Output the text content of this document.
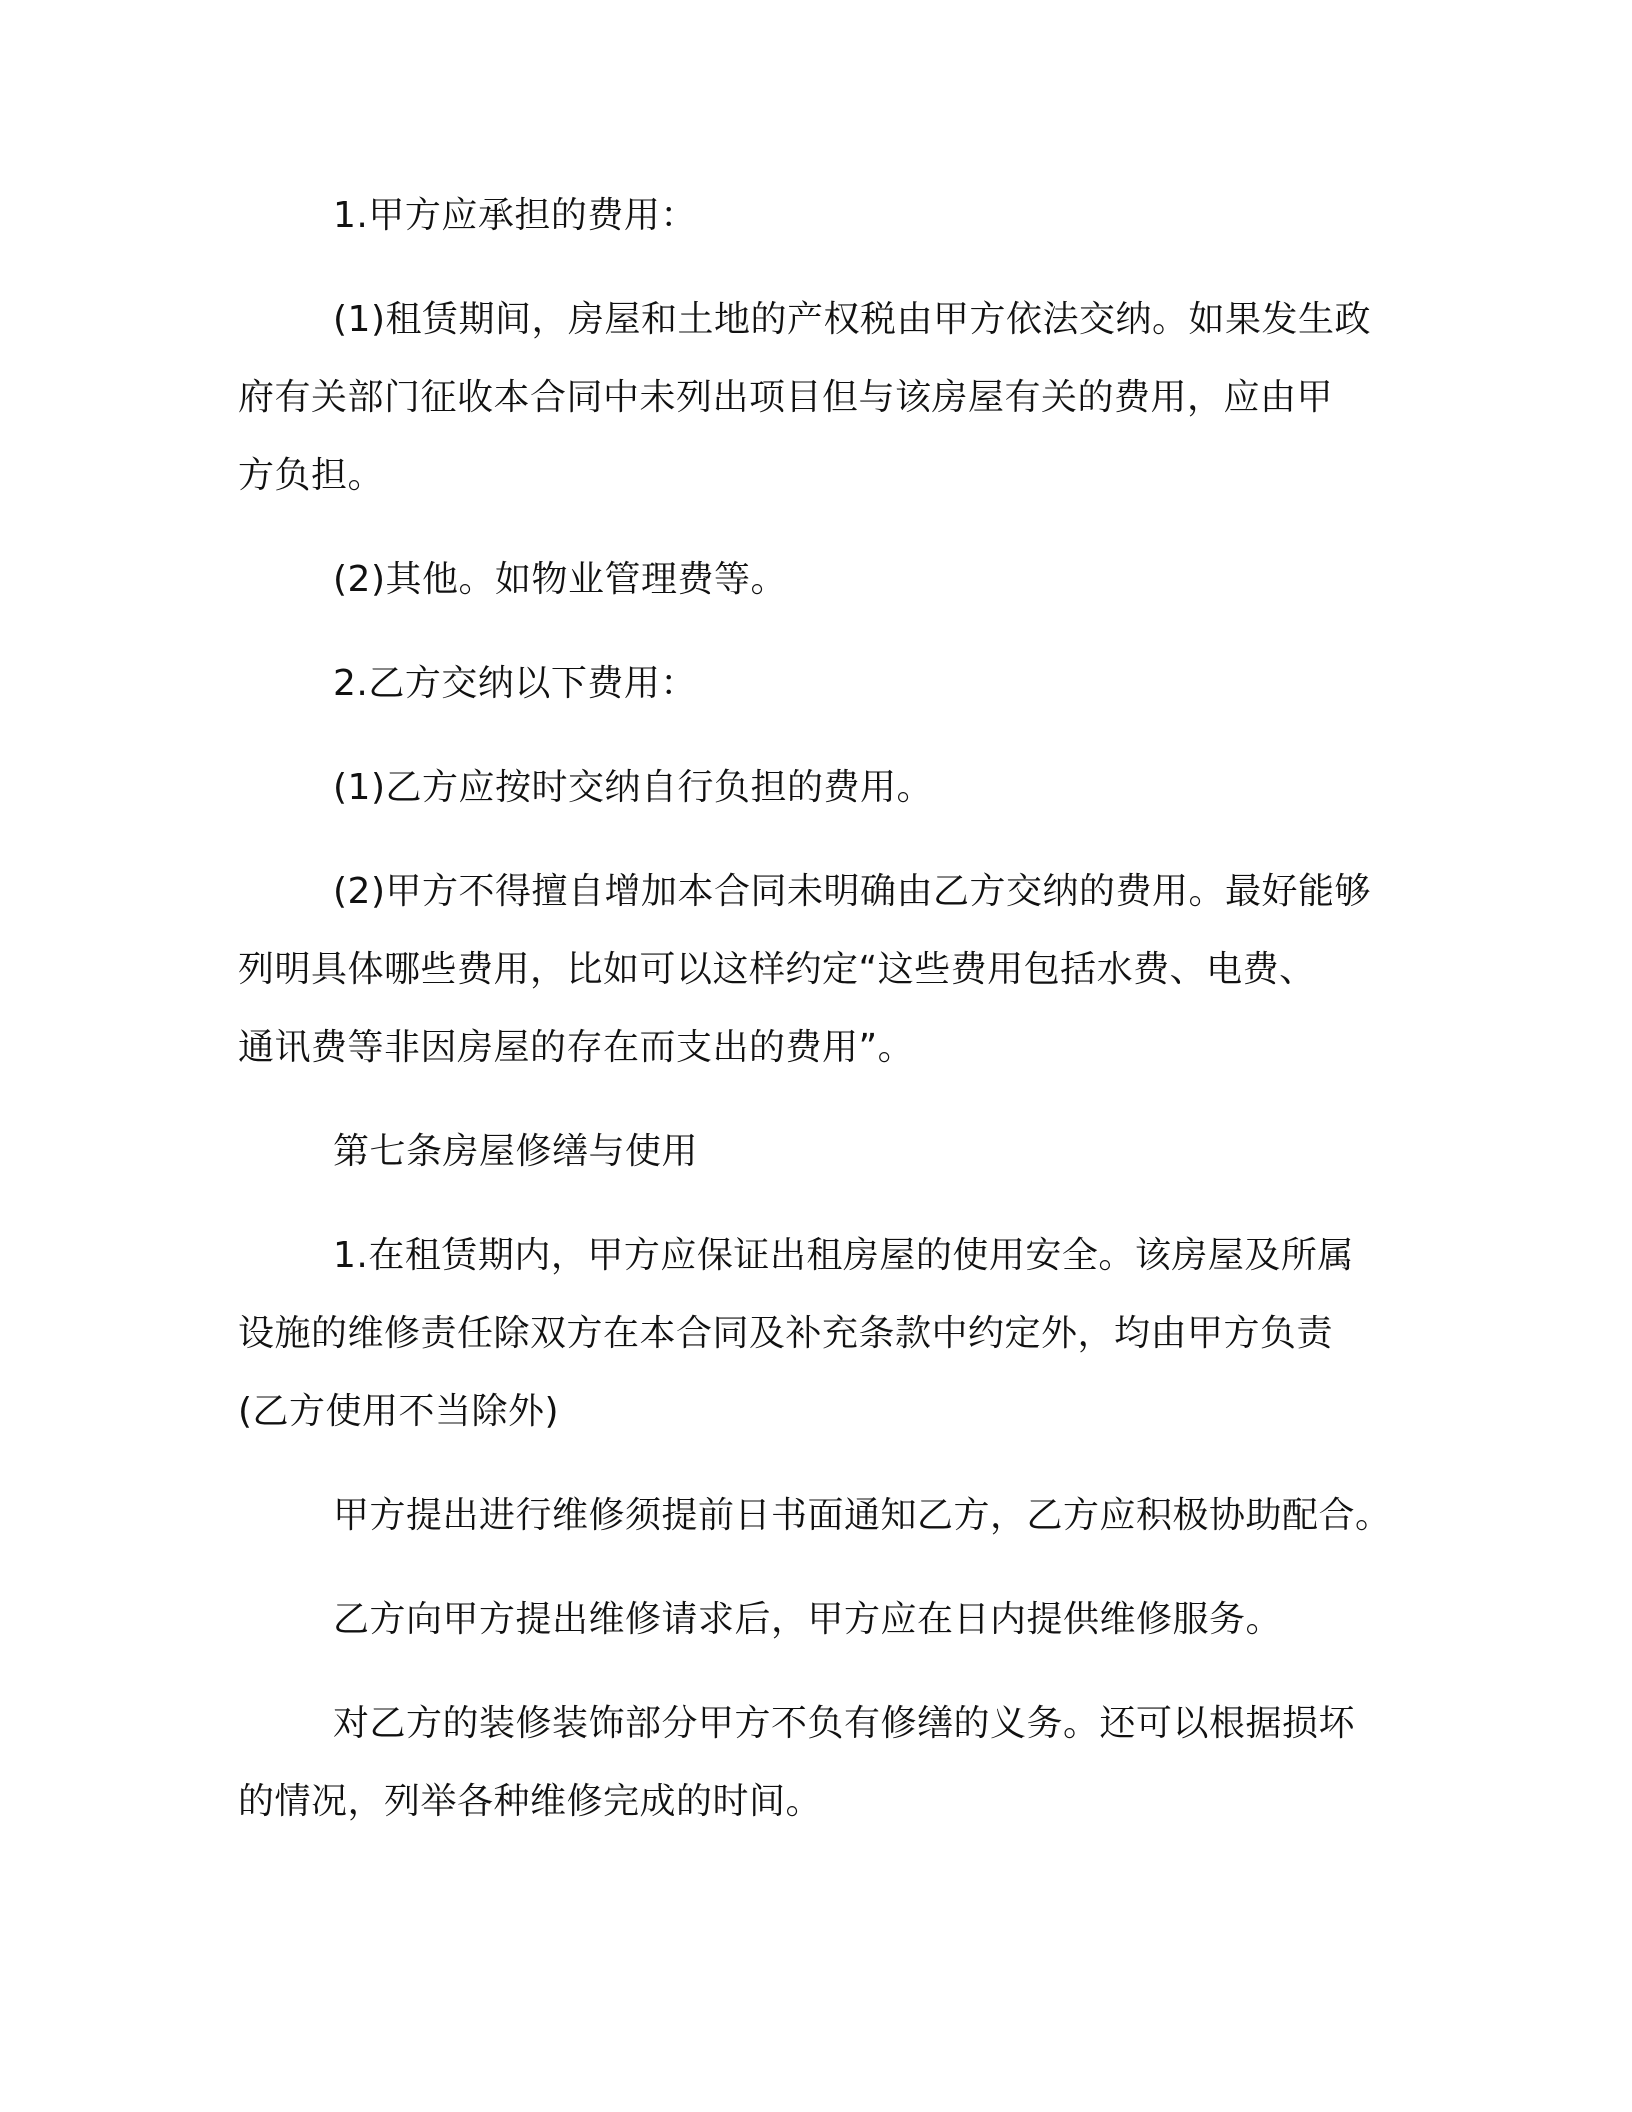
1.甲方应承担的费用：
(1)租赁期间，房屋和土地的产权税由甲方依法交纳。如果发生政
府有关部门征收本合同中未列出项目但与该房屋有关的费用，应由甲
方负担。
(2)其他。如物业管理费等。
2.乙方交纳以下费用：
(1)乙方应按时交纳自行负担的费用。
(2)甲方不得擅自增加本合同未明确由乙方交纳的费用。最好能够
列明具体哪些费用，比如可以这样约定“这些费用包括水费、电费、
通讯费等非因房屋的存在而支出的费用”。
第七条房屋修缮与使用
1.在租赁期内，甲方应保证出租房屋的使用安全。该房屋及所属
设施的维修责任除双方在本合同及补充条款中约定外，均由甲方负责
(乙方使用不当除外)
甲方提出进行维修须提前日书面通知乙方，乙方应积极协助配合。
乙方向甲方提出维修请求后，甲方应在日内提供维修服务。
对乙方的装修装饰部分甲方不负有修缮的义务。还可以根据损坏
的情况，列举各种维修完成的时间。
